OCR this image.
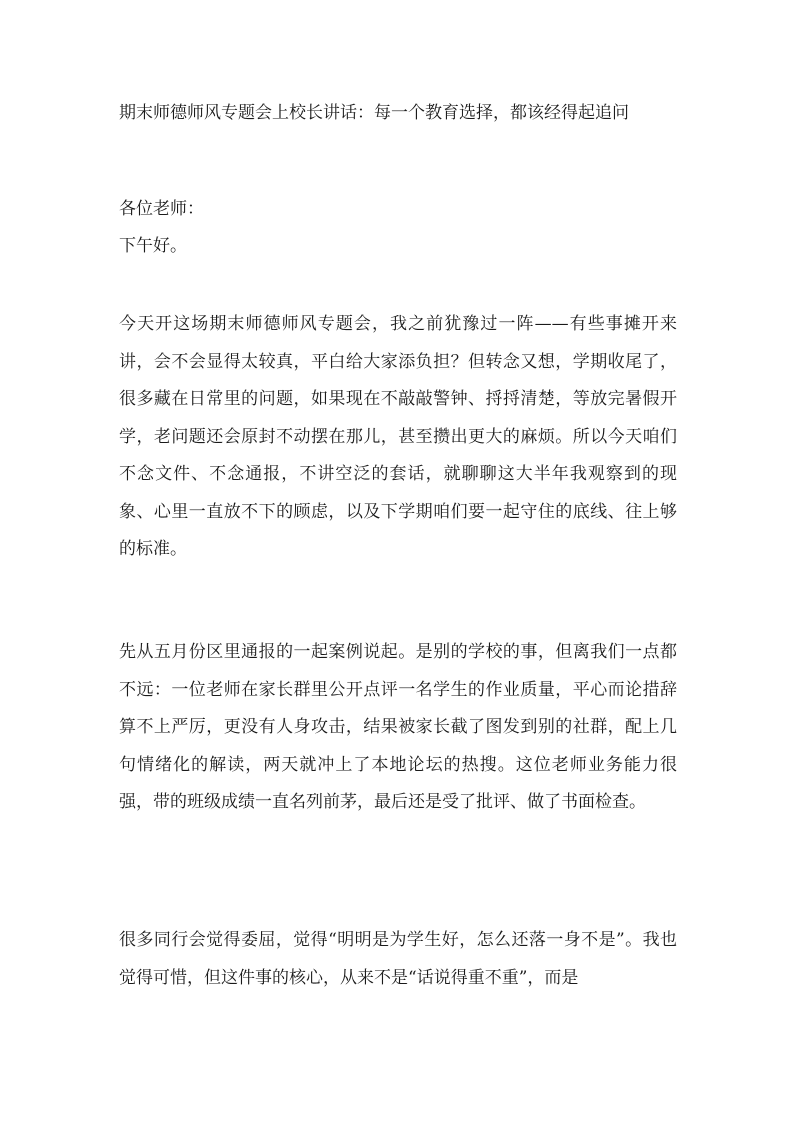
期末师德师风专题会上校长讲话：每一个教育选择，都该经得起追问
各位老师：
下午好。

今天开这场期末师德师风专题会，我之前犹豫过一阵——有些事摊开来讲，会不会显得太较真，平白给大家添负担？但转念又想，学期收尾了，很多藏在日常里的问题，如果现在不敲敲警钟、捋捋清楚，等放完暑假开学，老问题还会原封不动摆在那儿，甚至攒出更大的麻烦。所以今天咱们不念文件、不念通报，不讲空泛的套话，就聊聊这大半年我观察到的现象、心里一直放不下的顾虑，以及下学期咱们要一起守住的底线、往上够的标准。

先从五月份区里通报的一起案例说起。是别的学校的事，但离我们一点都不远：一位老师在家长群里公开点评一名学生的作业质量，平心而论措辞算不上严厉，更没有人身攻击，结果被家长截了图发到别的社群，配上几句情绪化的解读，两天就冲上了本地论坛的热搜。这位老师业务能力很强，带的班级成绩一直名列前茅，最后还是受了批评、做了书面检查。

很多同行会觉得委屈，觉得“明明是为学生好，怎么还落一身不是”。我也觉得可惜，但这件事的核心，从来不是“话说得重不重”，而是
